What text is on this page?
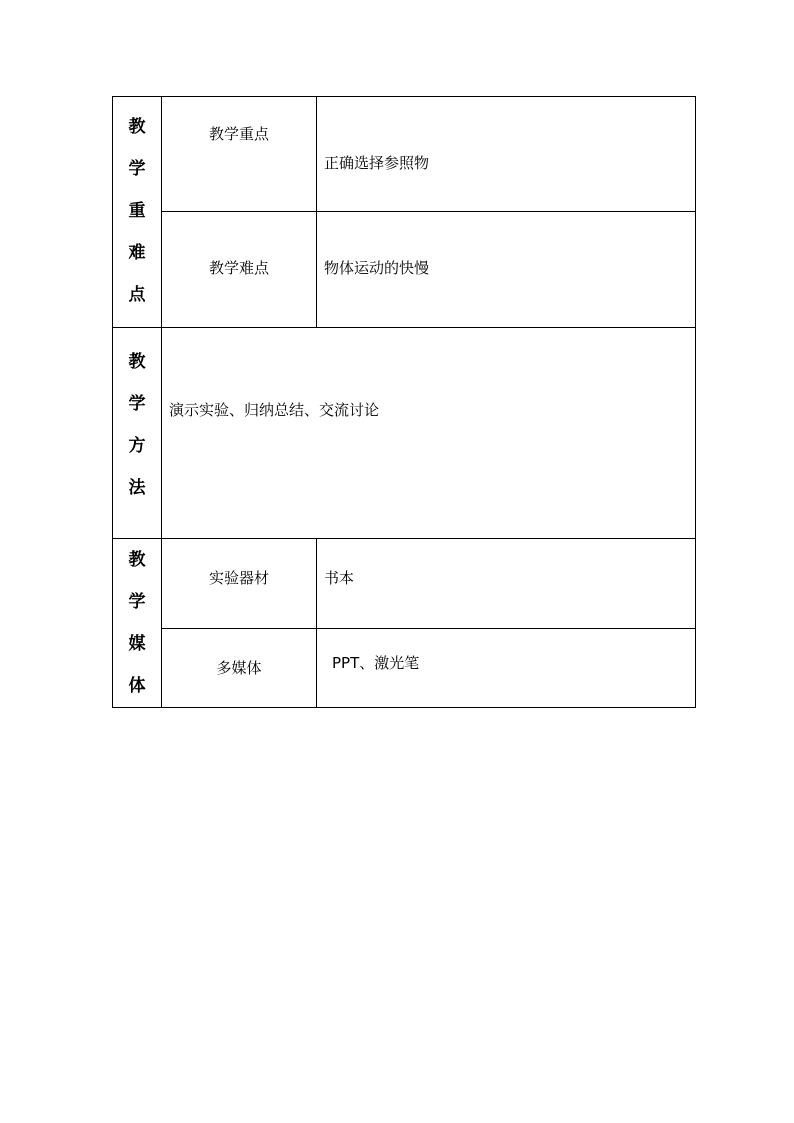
教
学
重
难
点	教学重点	正确选择参照物

	教学难点	物体运动的快慢

教
学
方
法	演示实验、归纳总结、交流讨论	

教
学
媒
体	实验器材	书本

	多媒体	PPT、激光笔
